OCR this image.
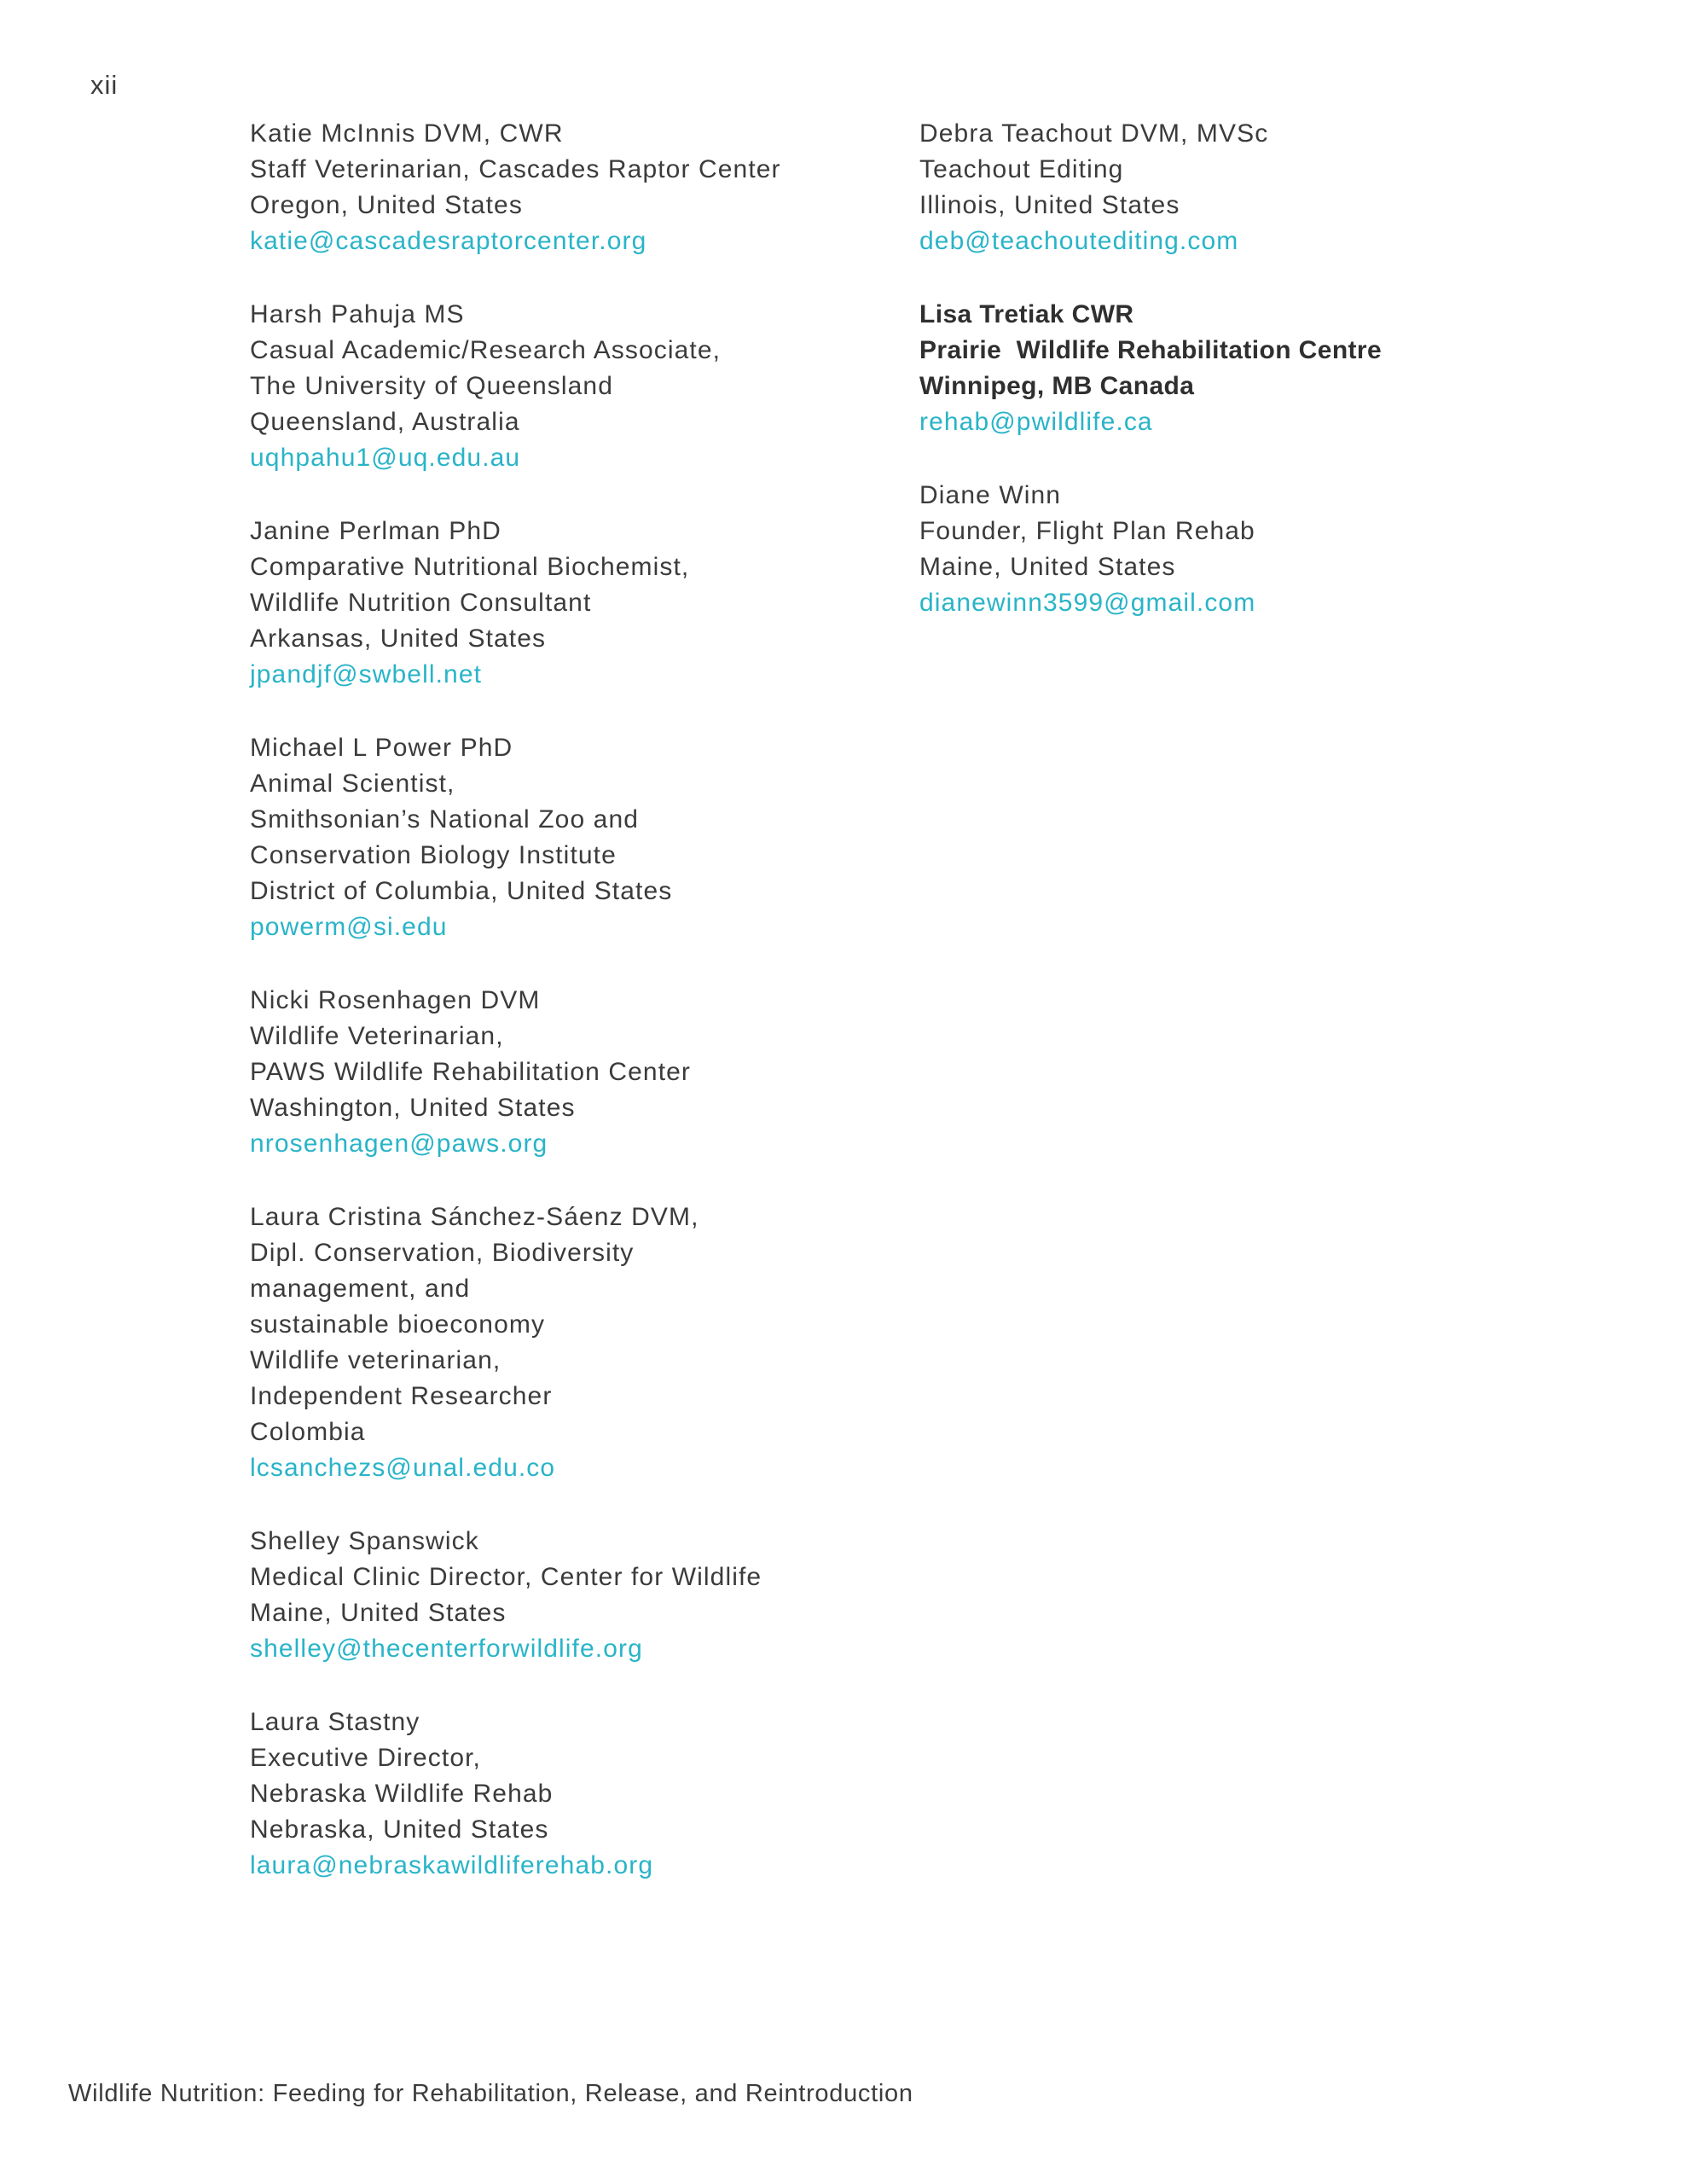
xii
Katie McInnis DVM, CWR
Staff Veterinarian, Cascades Raptor Center
Oregon, United States
katie@cascadesraptorcenter.org
Harsh Pahuja MS
Casual Academic/Research Associate,
The University of Queensland
Queensland, Australia
uqhpahu1@uq.edu.au
Janine Perlman PhD
Comparative Nutritional Biochemist,
Wildlife Nutrition Consultant
Arkansas, United States
jpandjf@swbell.net
Michael L Power PhD
Animal Scientist,
Smithsonian’s National Zoo and
Conservation Biology Institute
District of Columbia, United States
powerm@si.edu
Nicki Rosenhagen DVM
Wildlife Veterinarian,
PAWS Wildlife Rehabilitation Center
Washington, United States
nrosenhagen@paws.org
Laura Cristina Sánchez-Sáenz DVM,
Dipl. Conservation, Biodiversity
management, and
sustainable bioeconomy
Wildlife veterinarian,
Independent Researcher
Colombia
lcsanchezs@unal.edu.co
Shelley Spanswick
Medical Clinic Director, Center for Wildlife
Maine, United States
shelley@thecenterforwildlife.org
Laura Stastny
Executive Director,
Nebraska Wildlife Rehab
Nebraska, United States
laura@nebraskawildliferehab.org
Debra Teachout DVM, MVSc
Teachout Editing
Illinois, United States
deb@teachoutediting.com
Lisa Tretiak CWR
Prairie  Wildlife Rehabilitation Centre
Winnipeg, MB Canada
rehab@pwildlife.ca
Diane Winn
Founder, Flight Plan Rehab
Maine, United States
dianewinn3599@gmail.com
Wildlife Nutrition: Feeding for Rehabilitation, Release, and Reintroduction
